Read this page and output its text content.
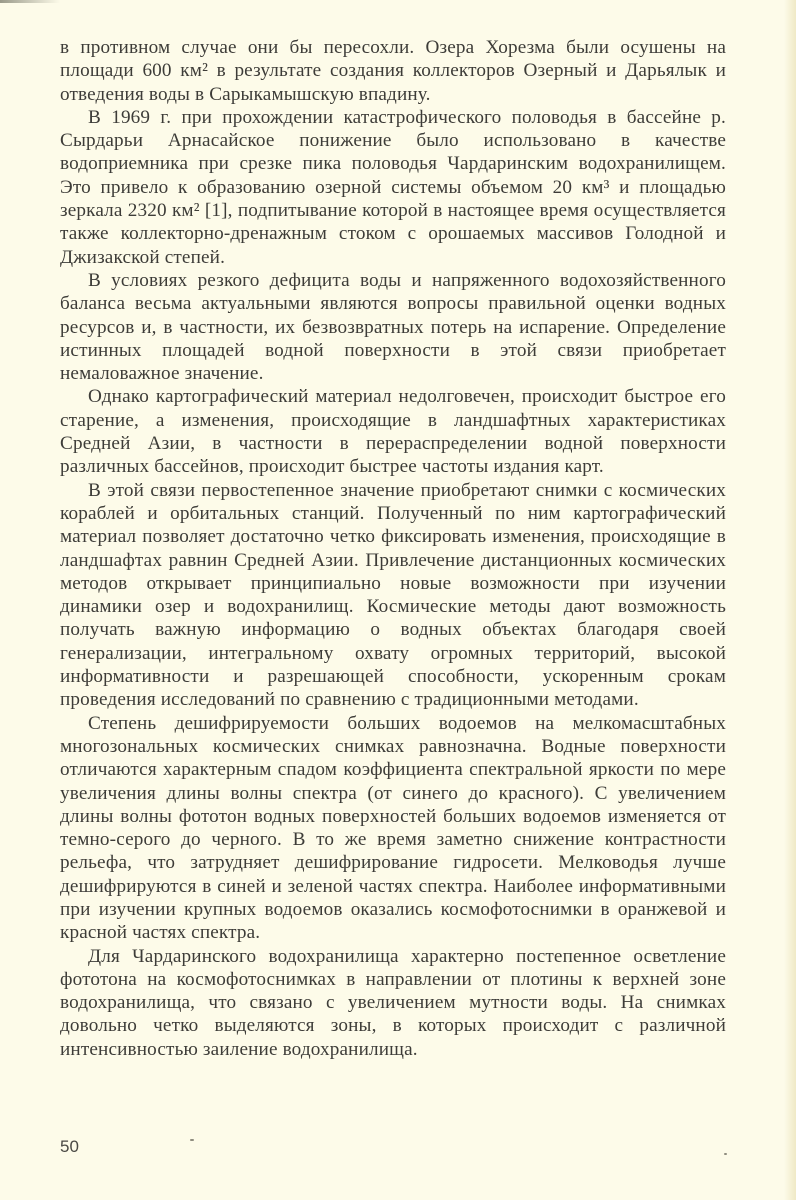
в противном случае они бы пересохли. Озера Хорезма были осушены на площади 600 км² в результате создания коллекторов Озерный и Дарьялык и отведения воды в Сарыкамышскую впадину.

В 1969 г. при прохождении катастрофического половодья в бассейне р. Сырдарьи Арнасайское понижение было использовано в качестве водоприемника при срезке пика половодья Чардаринским водохранилищем. Это привело к образованию озерной системы объемом 20 км³ и площадью зеркала 2320 км² [1], подпитывание которой в настоящее время осуществляется также коллекторно-дренажным стоком с орошаемых массивов Голодной и Джизакской степей.

В условиях резкого дефицита воды и напряженного водохозяйственного баланса весьма актуальными являются вопросы правильной оценки водных ресурсов и, в частности, их безвозвратных потерь на испарение. Определение истинных площадей водной поверхности в этой связи приобретает немаловажное значение.

Однако картографический материал недолговечен, происходит быстрое его старение, а изменения, происходящие в ландшафтных характеристиках Средней Азии, в частности в перераспределении водной поверхности различных бассейнов, происходит быстрее частоты издания карт.

В этой связи первостепенное значение приобретают снимки с космических кораблей и орбитальных станций. Полученный по ним картографический материал позволяет достаточно четко фиксировать изменения, происходящие в ландшафтах равнин Средней Азии. Привлечение дистанционных космических методов открывает принципиально новые возможности при изучении динамики озер и водохранилищ. Космические методы дают возможность получать важную информацию о водных объектах благодаря своей генерализации, интегральному охвату огромных территорий, высокой информативности и разрешающей способности, ускоренным срокам проведения исследований по сравнению с традиционными методами.

Степень дешифрируемости больших водоемов на мелкомасштабных многозональных космических снимках равнозначна. Водные поверхности отличаются характерным спадом коэффициента спектральной яркости по мере увеличения длины волны спектра (от синего до красного). С увеличением длины волны фототон водных поверхностей больших водоемов изменяется от темно-серого до черного. В то же время заметно снижение контрастности рельефа, что затрудняет дешифрирование гидросети. Мелководья лучше дешифрируются в синей и зеленой частях спектра. Наиболее информативными при изучении крупных водоемов оказались космофотоснимки в оранжевой и красной частях спектра.

Для Чардаринского водохранилища характерно постепенное осветление фототона на космофотоснимках в направлении от плотины к верхней зоне водохранилища, что связано с увеличением мутности воды. На снимках довольно четко выделяются зоны, в которых происходит с различной интенсивностью заиление водохранилища.

50
